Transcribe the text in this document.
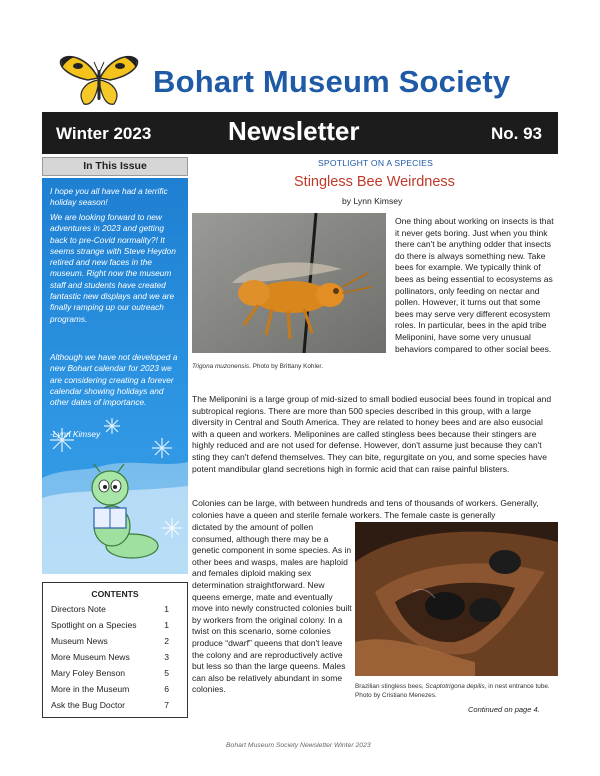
Bohart Museum Society
Winter 2023	Newsletter	No. 93
In This Issue
I hope you all have had a terrific holiday season!
We are looking forward to new adventures in 2023 and getting back to pre-Covid normality?! It seems strange with Steve Heydon retired and new faces in the museum. Right now the museum staff and students have created fantastic new displays and we are finally ramping up our outreach programs.
Although we have not developed a new Bohart calendar for 2023 we are considering creating a forever calendar showing holidays and other dates of importance.
-Lynn Kimsey
CONTENTS
Directors Note	1
Spotlight on a Species	1
Museum News	2
More Museum News	3
Mary Foley Benson	5
More in the Museum	6
Ask the Bug Doctor	7
SPOTLIGHT ON A SPECIES
Stingless Bee Weirdness
by Lynn Kimsey
Trigona muzonensis. Photo by Brittany Kohler.
One thing about working on insects is that it never gets boring. Just when you think there can't be anything odder that insects do there is always something new. Take bees for example. We typically think of bees as being essential to ecosystems as pollinators, only feeding on nectar and pollen. However, it turns out that some bees may serve very different ecosystem roles. In particular, bees in the apid tribe Meliponini, have some very unusual behaviors compared to other social bees.
The Meliponini is a large group of mid-sized to small bodied eusocial bees found in tropical and subtropical regions. There are more than 500 species described in this group, with a large diversity in Central and South America. They are related to honey bees and are also eusocial with a queen and workers. Meliponines are called stingless bees because their stingers are highly reduced and are not used for defense. However, don't assume just because they can't sting they can't defend themselves. They can bite, regurgitate on you, and some species have potent mandibular gland secretions high in formic acid that can raise painful blisters.
Colonies can be large, with between hundreds and tens of thousands of workers. Generally, colonies have a queen and sterile female workers. The female caste is generally
dictated by the amount of pollen consumed, although there may be a genetic component in some species. As in other bees and wasps, males are haploid and females diploid making sex determination straightforward. New queens emerge, mate and eventually move into newly constructed colonies built by workers from the original colony. In a twist on this scenario, some colonies produce “dwarf” queens that don't leave the colony and are reproductively active but less so than the large queens. Males can also be relatively abundant in some colonies.	Brazilian stingless bees, Scaptotrigona depilis, in nest entrance tube. Photo by Cristiano Menezes.
Continued on page 4.
Bohart Museum Society Newsletter Winter 2023
